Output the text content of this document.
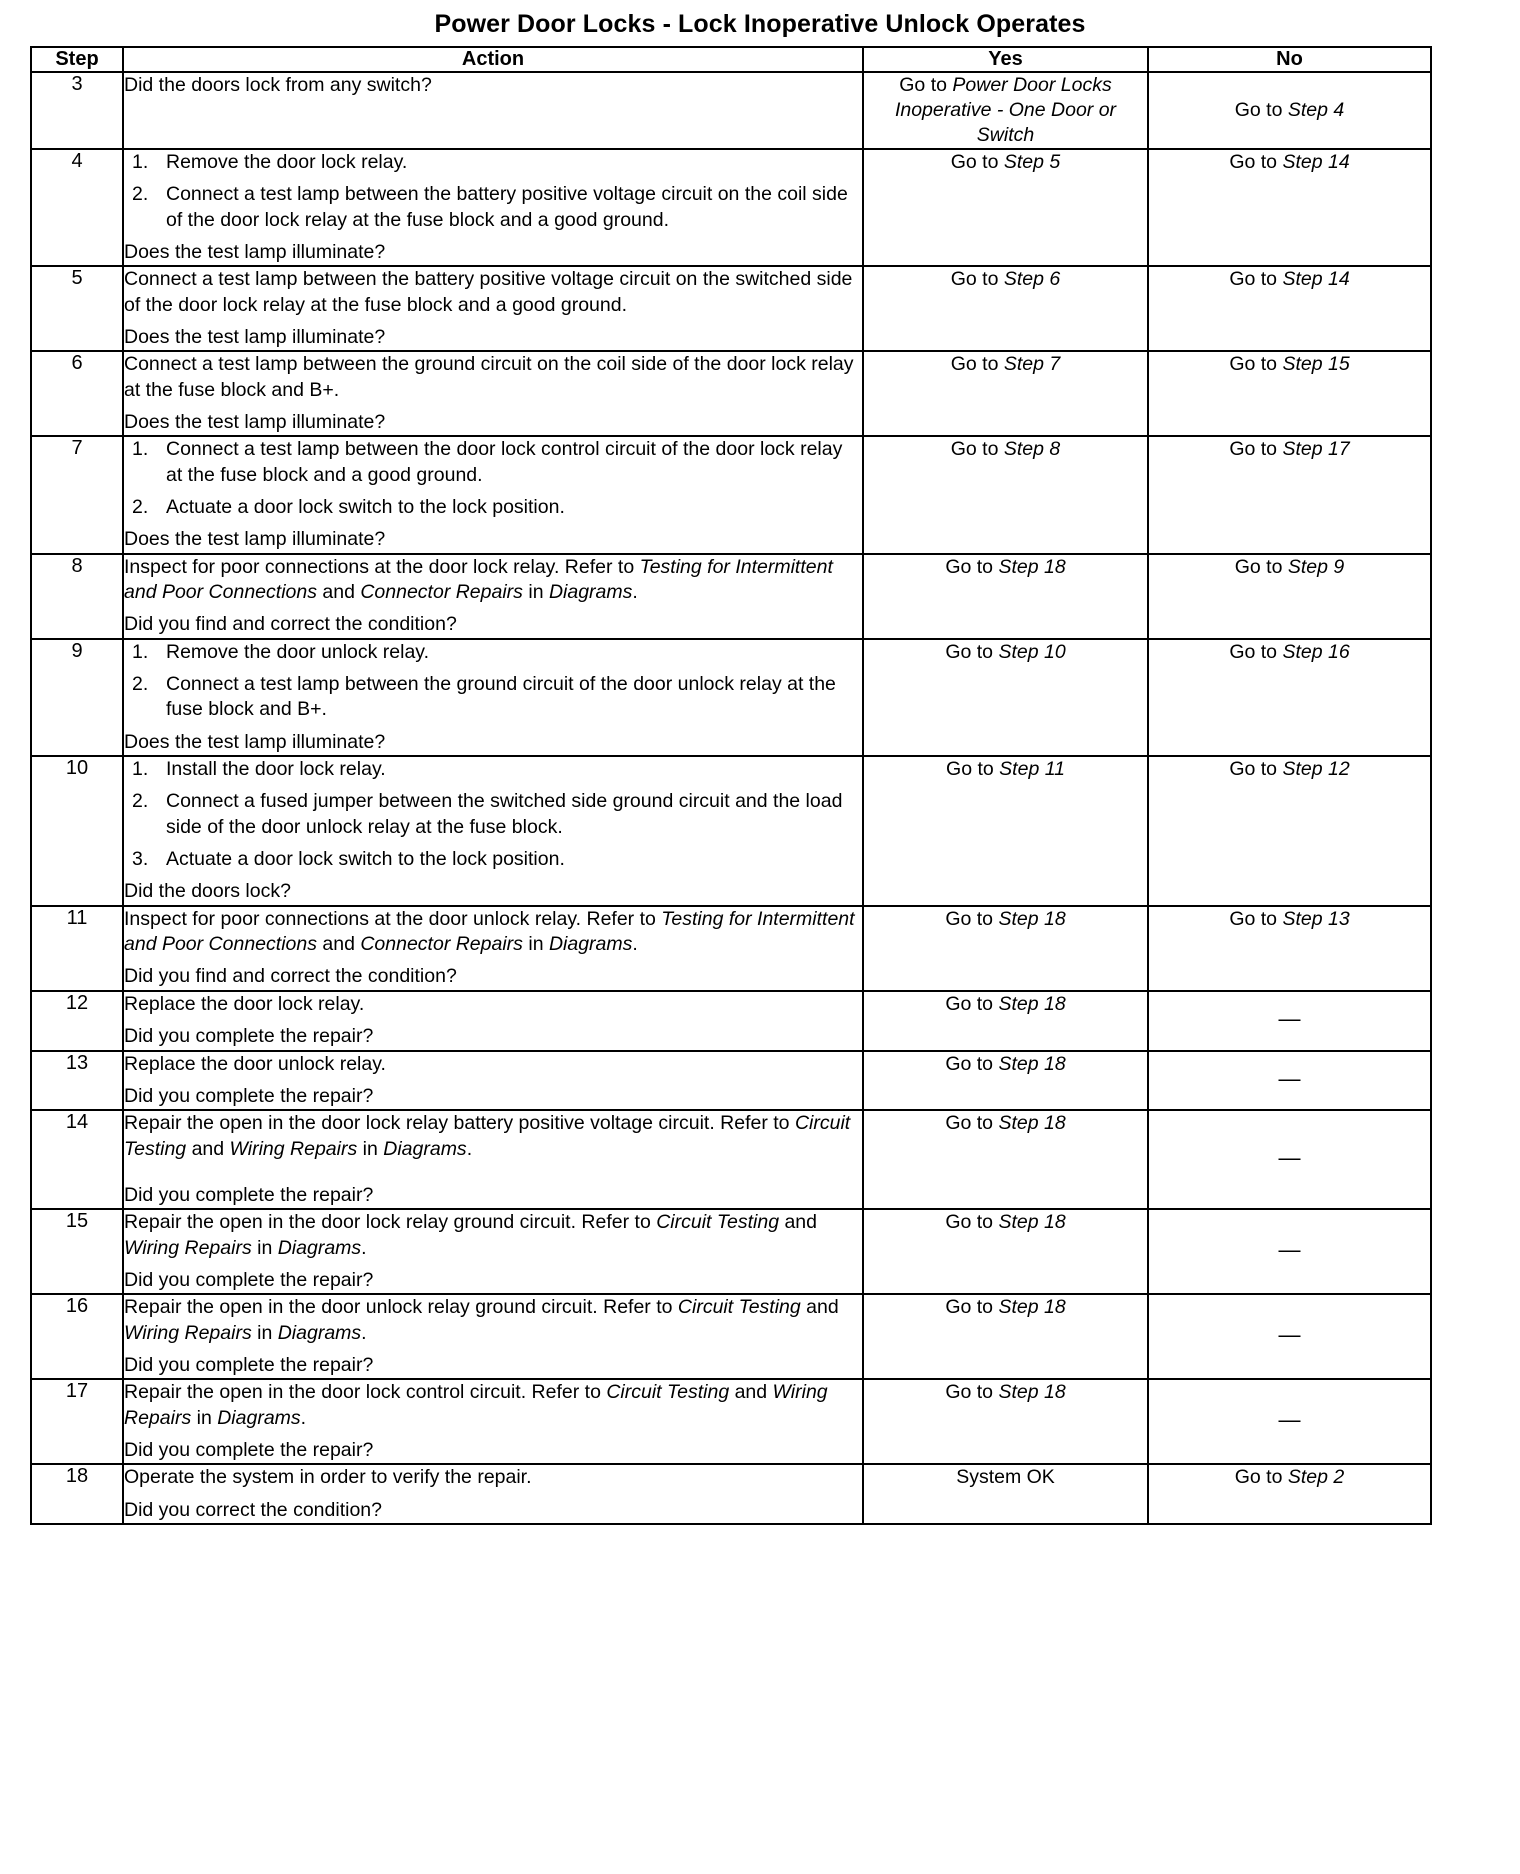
Power Door Locks - Lock Inoperative Unlock Operates
Step	Action	Yes	No
3	Did the doors lock from any switch?	Go to Power Door Locks Inoperative - One Door or Switch	Go to Step 4
4	1. Remove the door lock relay.
2. Connect a test lamp between the battery positive voltage circuit on the coil side of the door lock relay at the fuse block and a good ground.
Does the test lamp illuminate?
	Go to Step 5	Go to Step 14
5	Connect a test lamp between the battery positive voltage circuit on the switched side of the door lock relay at the fuse block and a good ground.
Does the test lamp illuminate?	Go to Step 6	Go to Step 14
6	Connect a test lamp between the ground circuit on the coil side of the door lock relay at the fuse block and B+.
Does the test lamp illuminate?	Go to Step 7	Go to Step 15
7	1. Connect a test lamp between the door lock control circuit of the door lock relay at the fuse block and a good ground.
2. Actuate a door lock switch to the lock position.
Does the test lamp illuminate?
	Go to Step 8	Go to Step 17
8	Inspect for poor connections at the door lock relay. Refer to Testing for Intermittent and Poor Connections and Connector Repairs in Diagrams.
Did you find and correct the condition?	Go to Step 18	Go to Step 9
9	1. Remove the door unlock relay.
2. Connect a test lamp between the ground circuit of the door unlock relay at the fuse block and B+.
Does the test lamp illuminate?
	Go to Step 10	Go to Step 16
10	1. Install the door lock relay.
2. Connect a fused jumper between the switched side ground circuit and the load side of the door unlock relay at the fuse block.
3. Actuate a door lock switch to the lock position.
Did the doors lock?
	Go to Step 11	Go to Step 12
11	Inspect for poor connections at the door unlock relay. Refer to Testing for Intermittent and Poor Connections and Connector Repairs in Diagrams.
Did you find and correct the condition?	Go to Step 18	Go to Step 13
12	Replace the door lock relay.
Did you complete the repair?	Go to Step 18	—
13	Replace the door unlock relay.
Did you complete the repair?	Go to Step 18	—
14	Repair the open in the door lock relay battery positive voltage circuit. Refer to Circuit Testing and Wiring Repairs in Diagrams.
Did you complete the repair?	Go to Step 18	—
15	Repair the open in the door lock relay ground circuit. Refer to Circuit Testing and Wiring Repairs in Diagrams.
Did you complete the repair?	Go to Step 18	—
16	Repair the open in the door unlock relay ground circuit. Refer to Circuit Testing and Wiring Repairs in Diagrams.
Did you complete the repair?	Go to Step 18	—
17	Repair the open in the door lock control circuit. Refer to Circuit Testing and Wiring Repairs in Diagrams.
Did you complete the repair?	Go to Step 18	—
18	Operate the system in order to verify the repair.
Did you correct the condition?	System OK	Go to Step 2
